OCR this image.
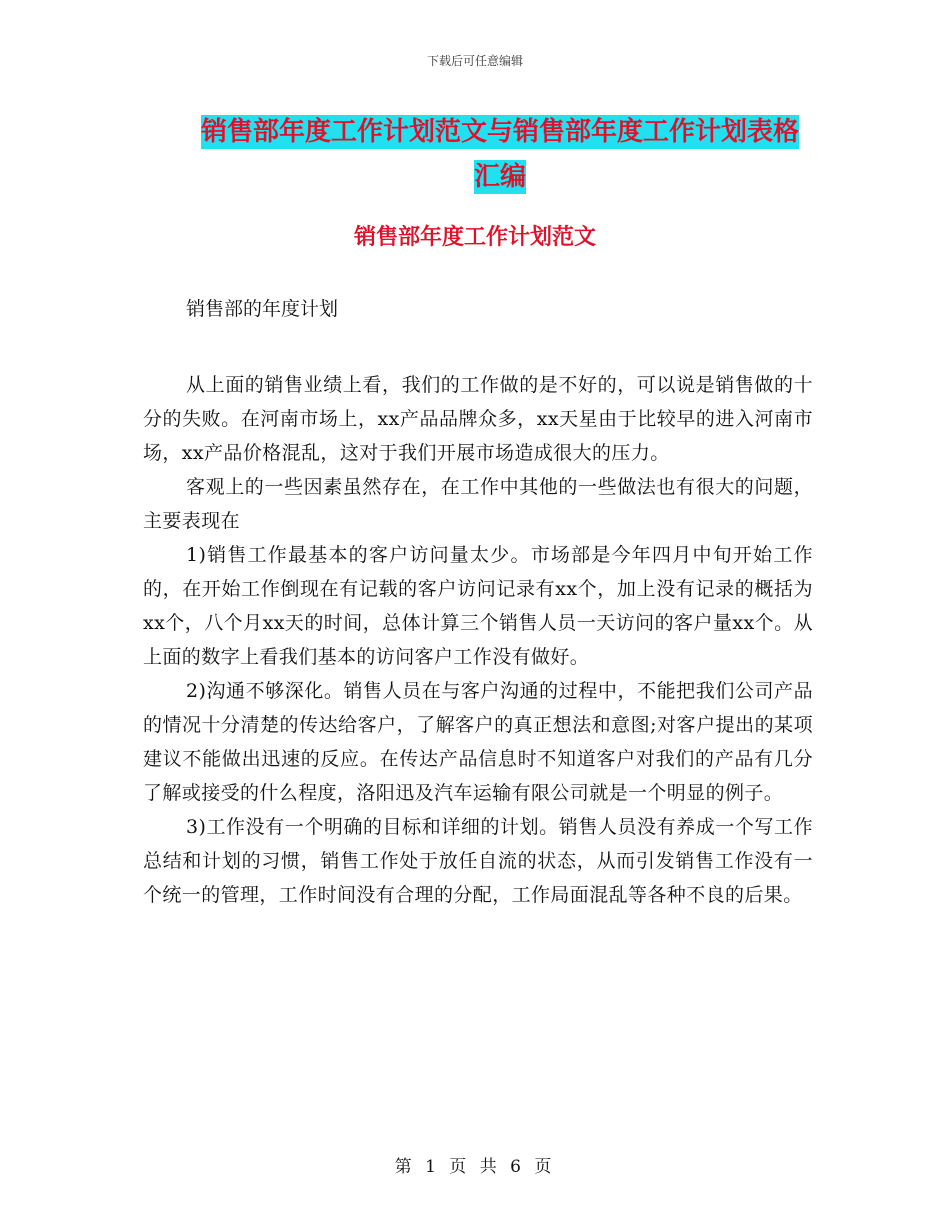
下载后可任意编辑
销售部年度工作计划范文与销售部年度工作计划表格汇编
销售部年度工作计划范文
销售部的年度计划

从上面的销售业绩上看，我们的工作做的是不好的，可以说是销售做的十分的失败。在河南市场上，xx产品品牌众多，xx天星由于比较早的进入河南市场，xx产品价格混乱，这对于我们开展市场造成很大的压力。

客观上的一些因素虽然存在，在工作中其他的一些做法也有很大的问题，主要表现在

1)销售工作最基本的客户访问量太少。市场部是今年四月中旬开始工作的，在开始工作倒现在有记载的客户访问记录有xx个，加上没有记录的概括为xx个，八个月xx天的时间，总体计算三个销售人员一天访问的客户量xx个。从上面的数字上看我们基本的访问客户工作没有做好。

2)沟通不够深化。销售人员在与客户沟通的过程中，不能把我们公司产品的情况十分清楚的传达给客户，了解客户的真正想法和意图;对客户提出的某项建议不能做出迅速的反应。在传达产品信息时不知道客户对我们的产品有几分了解或接受的什么程度，洛阳迅及汽车运输有限公司就是一个明显的例子。

3)工作没有一个明确的目标和详细的计划。销售人员没有养成一个写工作总结和计划的习惯，销售工作处于放任自流的状态，从而引发销售工作没有一个统一的管理，工作时间没有合理的分配，工作局面混乱等各种不良的后果。

第 1 页 共 6 页
